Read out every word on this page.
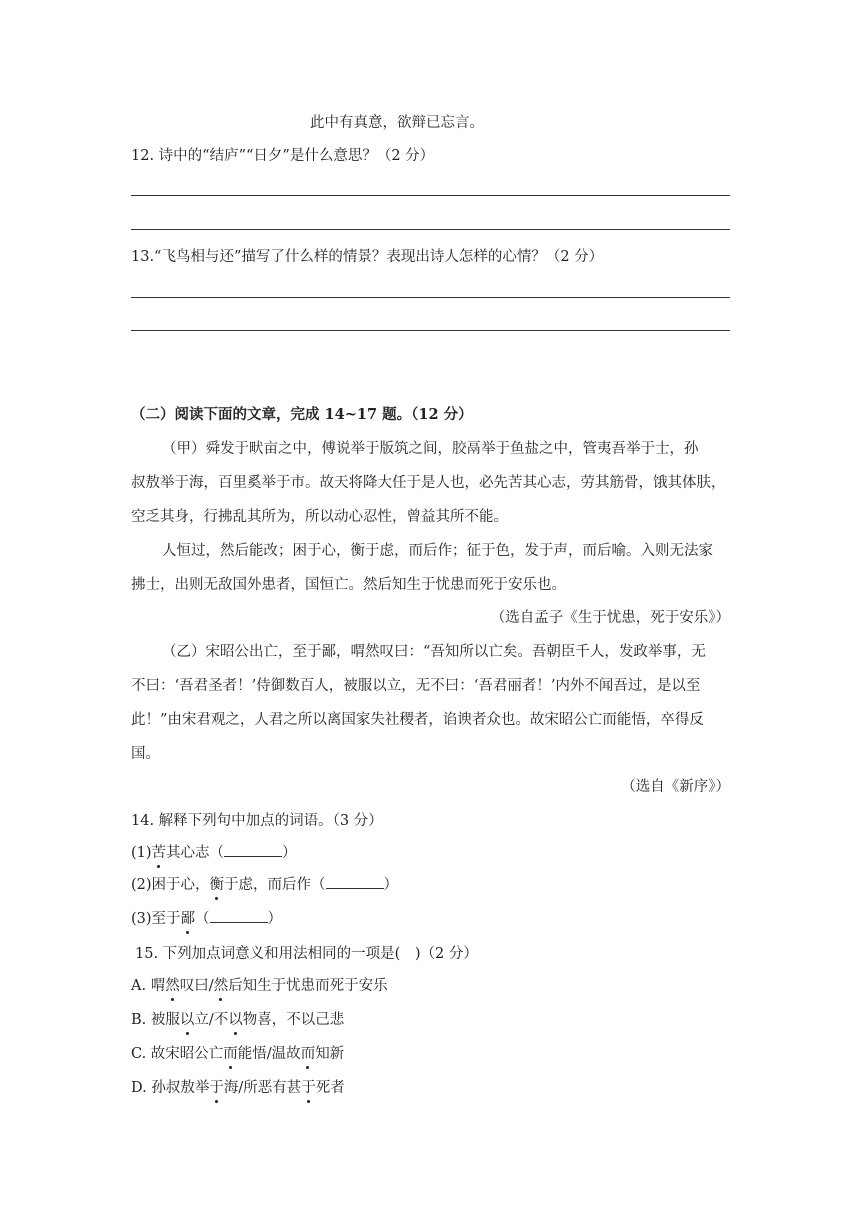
此中有真意，欲辩已忘言。
12. 诗中的“结庐”“日夕”是什么意思？（2 分）
13.“飞鸟相与还”描写了什么样的情景？表现出诗人怎样的心情？（2 分）
（二）阅读下面的文章，完成 14~17 题。（12 分）
（甲）舜发于畎亩之中，傅说举于版筑之间，胶鬲举于鱼盐之中，管夷吾举于士，孙
叔敖举于海，百里奚举于市。故天将降大任于是人也，必先苦其心志，劳其筋骨，饿其体肤，
空乏其身，行拂乱其所为，所以动心忍性，曾益其所不能。
人恒过，然后能改；困于心，衡于虑，而后作；征于色，发于声，而后喻。入则无法家
拂士，出则无敌国外患者，国恒亡。然后知生于忧患而死于安乐也。
（选自孟子《生于忧患，死于安乐》）
（乙）宋昭公出亡，至于鄙，喟然叹曰：“吾知所以亡矣。吾朝臣千人，发政举事，无
不曰：‘吾君圣者！’侍御数百人，被服以立，无不曰：‘吾君丽者！’内外不闻吾过，是以至
此！”由宋君观之，人君之所以离国家失社稷者，谄谀者众也。故宋昭公亡而能悟，卒得反
国。
（选自《新序》）
14. 解释下列句中加点的词语。（3 分）
(1)苦其心志（	）
(2)困于心，衡于虑，而后作（	）
(3)至于鄙（	）
15. 下列加点词意义和用法相同的一项是(　)（2 分）
A. 喟然叹曰/然后知生于忧患而死于安乐
B. 被服以立/不以物喜，不以己悲
C. 故宋昭公亡而能悟/温故而知新
D. 孙叔敖举于海/所恶有甚于死者
